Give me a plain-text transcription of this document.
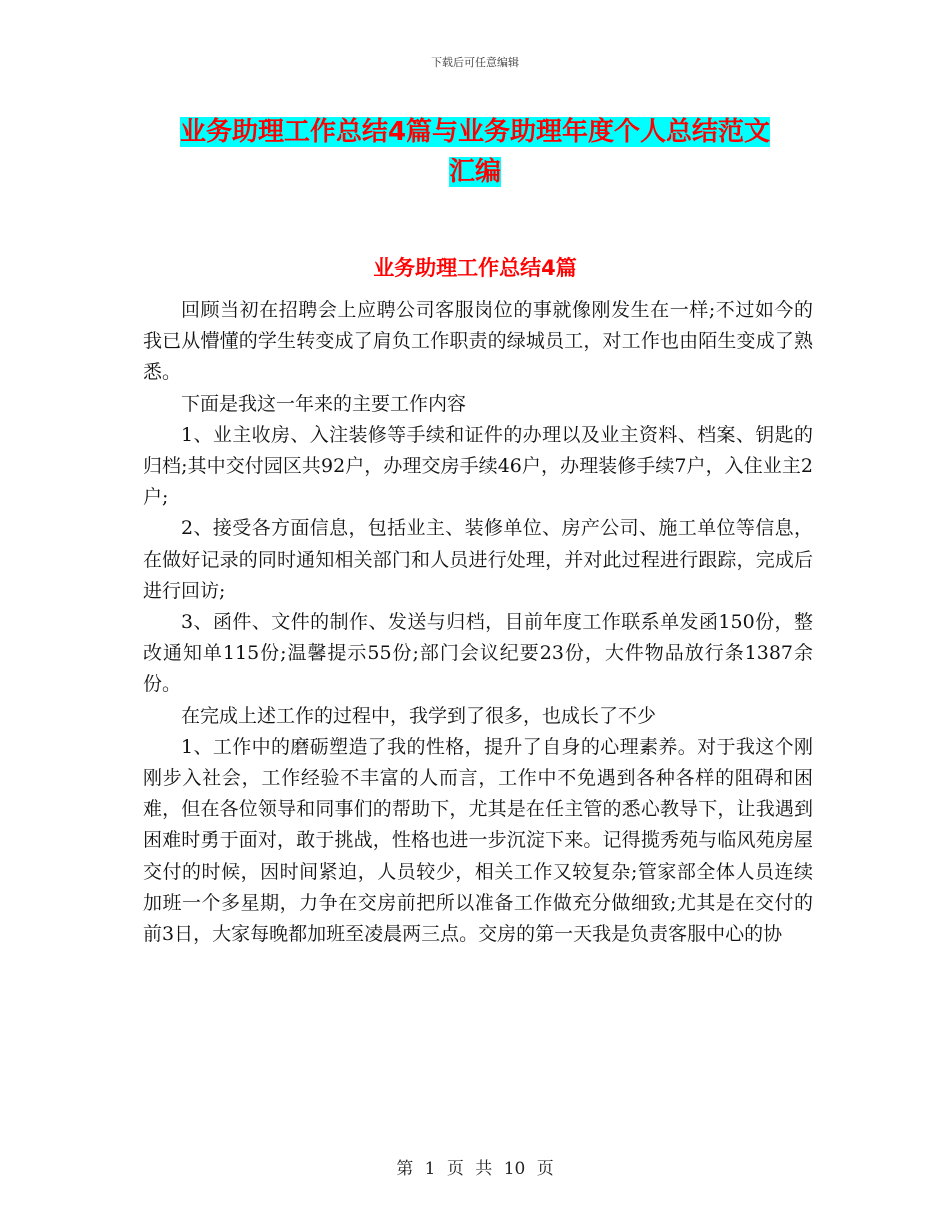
下载后可任意编辑
业务助理工作总结4篇与业务助理年度个人总结范文
汇编
业务助理工作总结4篇

回顾当初在招聘会上应聘公司客服岗位的事就像刚发生在一样;不过如今的我已从懵懂的学生转变成了肩负工作职责的绿城员工，对工作也由陌生变成了熟悉。

下面是我这一年来的主要工作内容

1、业主收房、入注装修等手续和证件的办理以及业主资料、档案、钥匙的归档;其中交付园区共92户，办理交房手续46户，办理装修手续7户，入住业主2户;

2、接受各方面信息，包括业主、装修单位、房产公司、施工单位等信息，在做好记录的同时通知相关部门和人员进行处理，并对此过程进行跟踪，完成后进行回访;

3、函件、文件的制作、发送与归档，目前年度工作联系单发函150份，整改通知单115份;温馨提示55份;部门会议纪要23份，大件物品放行条1387余份。

在完成上述工作的过程中，我学到了很多，也成长了不少

1、工作中的磨砺塑造了我的性格，提升了自身的心理素养。对于我这个刚刚步入社会，工作经验不丰富的人而言，工作中不免遇到各种各样的阻碍和困难，但在各位领导和同事们的帮助下，尤其是在任主管的悉心教导下，让我遇到困难时勇于面对，敢于挑战，性格也进一步沉淀下来。记得揽秀苑与临风苑房屋交付的时候，因时间紧迫，人员较少，相关工作又较复杂;管家部全体人员连续加班一个多星期，力争在交房前把所以准备工作做充分做细致;尤其是在交付的前3日，大家每晚都加班至凌晨两三点。交房的第一天我是负责客服中心的协

第 1 页 共 10 页
